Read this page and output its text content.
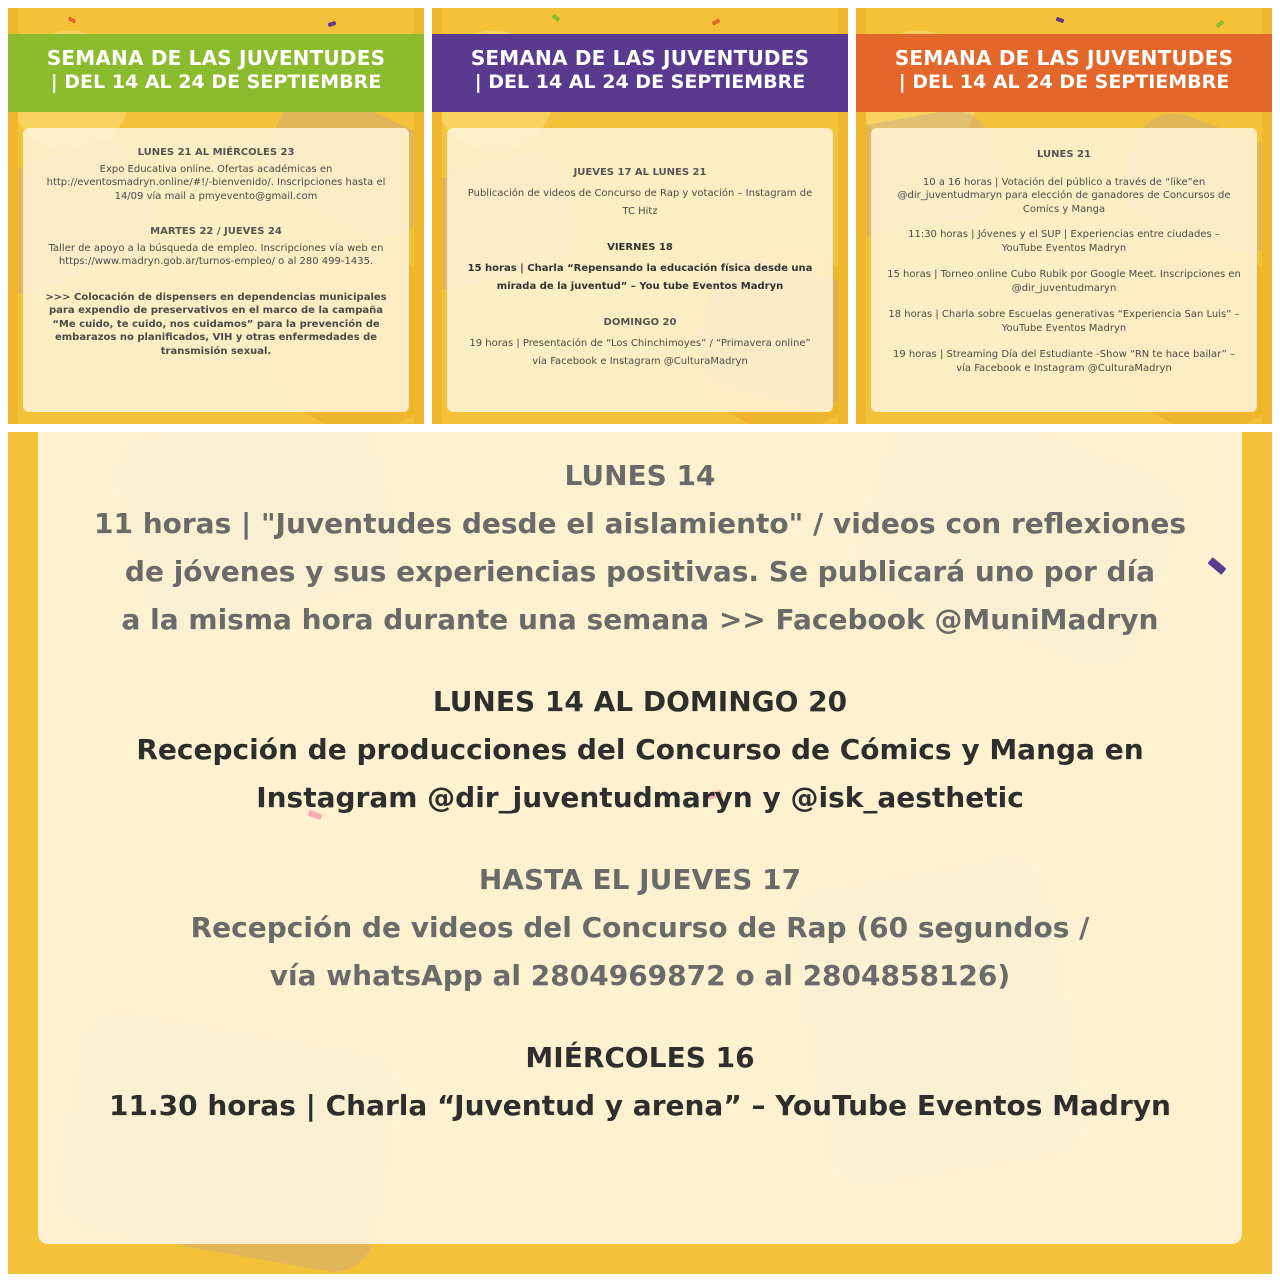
SEMANA DE LAS JUVENTUDES
| DEL 14 AL 24 DE SEPTIEMBRE
LUNES 21 AL MIÉRCOLES 23
Expo Educativa online. Ofertas académicas en http://eventosmadryn.online/#!/-bienvenido/. Inscripciones hasta el 14/09 vía mail a pmyevento@gmail.com
MARTES 22 / JUEVES 24
Taller de apoyo a la búsqueda de empleo. Inscripciones vía web en https://www.madryn.gob.ar/turnos-empleo/ o al 280 499-1435.
>>> Colocación de dispensers en dependencias municipales para expendio de preservativos en el marco de la campaña “Me cuido, te cuido, nos cuidamos” para la prevención de embarazos no planificados, VIH y otras enfermedades de transmisión sexual.
SEMANA DE LAS JUVENTUDES
| DEL 14 AL 24 DE SEPTIEMBRE
JUEVES 17 AL LUNES 21
Publicación de videos de Concurso de Rap y votación – Instagram de TC Hitz
VIERNES 18
15 horas | Charla “Repensando la educación física desde una mirada de la juventud” – You tube Eventos Madryn
DOMINGO 20
19 horas | Presentación de “Los Chinchimoyes” / “Primavera online” vía Facebook e Instagram @CulturaMadryn
SEMANA DE LAS JUVENTUDES
| DEL 14 AL 24 DE SEPTIEMBRE
LUNES 21
10 a 16 horas | Votación del público a través de “like”en @dir_juventudmaryn para elección de ganadores de Concursos de Comics y Manga
11:30 horas | Jóvenes y el SUP | Experiencias entre ciudades – YouTube Eventos Madryn
15 horas | Torneo online Cubo Rubik por Google Meet. Inscripciones en @dir_juventudmaryn
18 horas | Charla sobre Escuelas generativas “Experiencia San Luis” – YouTube Eventos Madryn
19 horas | Streaming Día del Estudiante -Show “RN te hace bailar” – vía Facebook e Instagram @CulturaMadryn
LUNES 14
11 horas | "Juventudes desde el aislamiento" / videos con reflexiones
de jóvenes y sus experiencias positivas. Se publicará uno por día
a la misma hora durante una semana >> Facebook @MuniMadryn
LUNES 14 AL DOMINGO 20
Recepción de producciones del Concurso de Cómics y Manga en
Instagram @dir_juventudmaryn y @isk_aesthetic
HASTA EL JUEVES 17
Recepción de videos del Concurso de Rap (60 segundos /
vía whatsApp al 2804969872 o al 2804858126)
MIÉRCOLES 16
11.30 horas | Charla “Juventud y arena” – YouTube Eventos Madryn
